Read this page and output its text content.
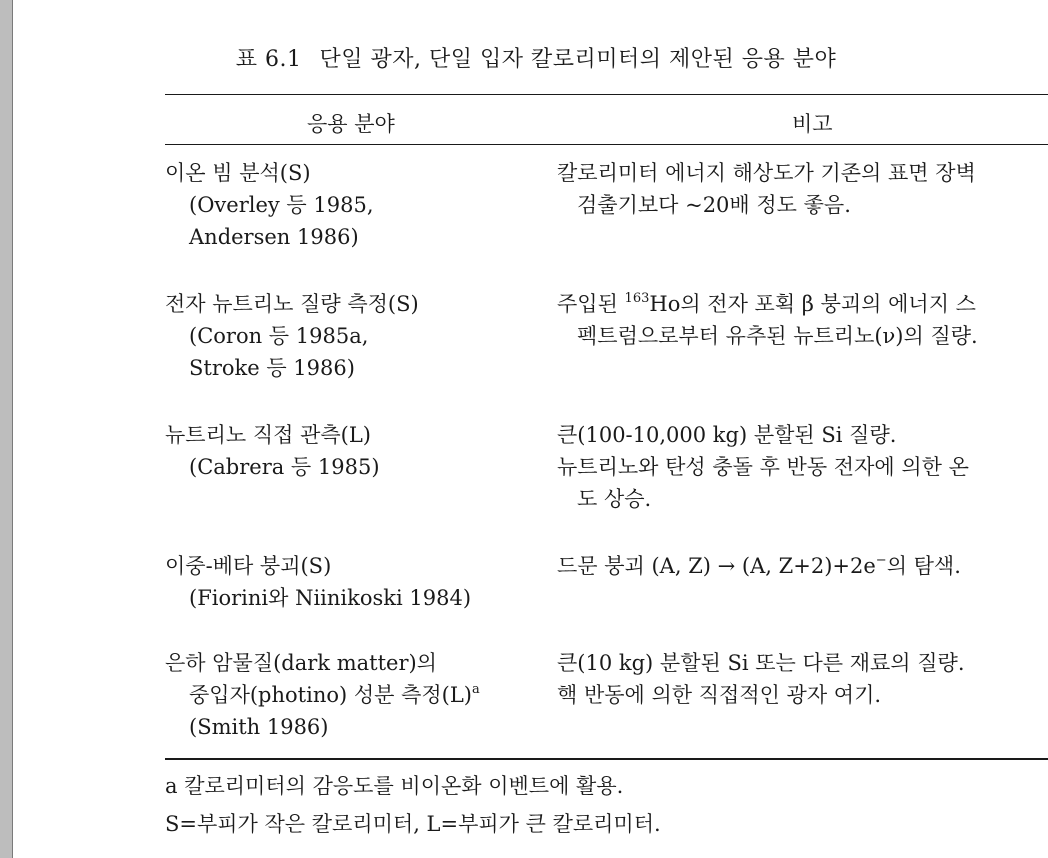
표 6.1 단일 광자, 단일 입자 칼로리미터의 제안된 응용 분야
응용 분야	비고
이온 빔 분석(S)
(Overley 등 1985,
Andersen 1986)
칼로리미터 에너지 해상도가 기존의 표면 장벽
검출기보다 ~20배 정도 좋음.
전자 뉴트리노 질량 측정(S)
(Coron 등 1985a,
Stroke 등 1986)
주입된 $^{163}$Ho의 전자 포획 β 붕괴의 에너지 스
펙트럼으로부터 유추된 뉴트리노(ν)의 질량.
뉴트리노 직접 관측(L)
(Cabrera 등 1985)
큰(100-10,000 kg) 분할된 Si 질량.
뉴트리노와 탄성 충돌 후 반동 전자에 의한 온
도 상승.
이중-베타 붕괴(S)
(Fiorini와 Niinikoski 1984)
드문 붕괴 (A, Z) → (A, Z+2)+2e−의 탐색.
은하 암물질(dark matter)의
중입자(photino) 성분 측정$(L)^a$
(Smith 1986)
큰(10 kg) 분할된 Si 또는 다른 재료의 질량.
핵 반동에 의한 직접적인 광자 여기.
a 칼로리미터의 감응도를 비이온화 이벤트에 활용.
S=부피가 작은 칼로리미터, L=부피가 큰 칼로리미터.
